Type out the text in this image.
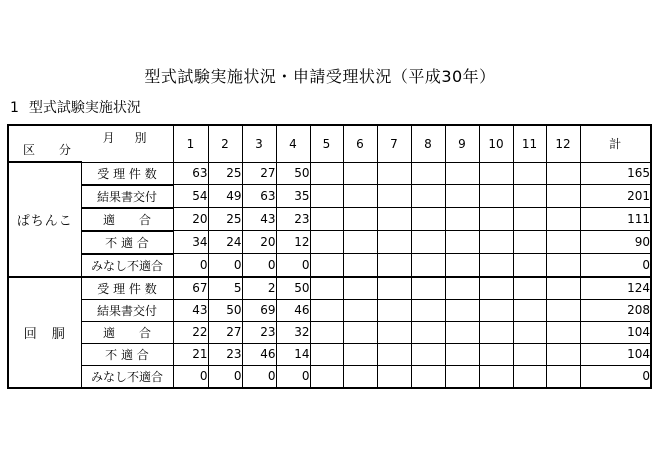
型式試験実施状況・申請受理状況（平成30年）
1 型式試験実施状況
月 別
区 分		1	2	3	4	5	6	7	8	9	10	11	12	計
ぱちんこ	受 理 件 数	63	25	27	50									165
	結果書交付	54	49	63	35									201
	適　　合	20	25	43	23									111
	不 適 合	34	24	20	12									90
	みなし不適合	0	0	0	0									0
回　胴	受 理 件 数	67	5	2	50									124
	結果書交付	43	50	69	46									208
	適　　合	22	27	23	32									104
	不 適 合	21	23	46	14									104
	みなし不適合	0	0	0	0									0
